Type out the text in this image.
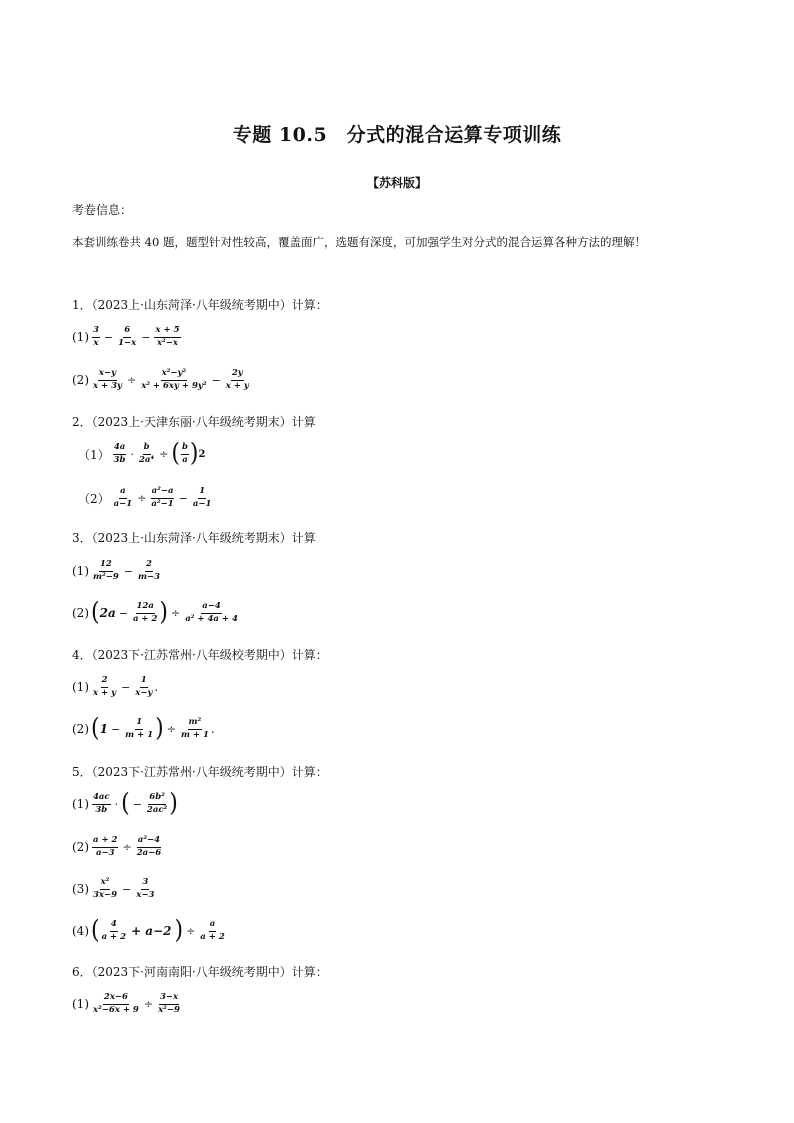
专题 10.5　分式的混合运算专项训练
【苏科版】
考卷信息：
本套训练卷共 40 题，题型针对性较高，覆盖面广，选题有深度，可加强学生对分式的混合运算各种方法的理解！
1．（2023上·山东菏泽·八年级统考期中）计算：
$(1) \frac{3}{x} - \frac{6}{1-x} - \frac{x + 5}{\text{x²−x}}$
$(2) \frac{x-y}{x + 3y} \div \frac{\text{x²−y²}}{\text{x² + 6xy + 9y²}} - \frac{2y}{x + y}$
2．（2023上·天津东丽·八年级统考期末）计算
$(1) \frac{4a}{3b} \cdot \frac{b}{\text{2a⁴}}$ ÷ ( $\frac{b}{a}$ ) 2
$(2) \frac{a}{a-1} \div \frac{\text{a²−a}}{\text{a²−1}} - \frac{1}{a-1}$
3．（2023上·山东菏泽·八年级统考期末）计算
$(1) \frac{12}{\text{m²−9}} - \frac{2}{m-3}$
(2) ( $2a - \frac{12a}{a + 2}$ ) ÷ $\frac{a-4}{\text{a² + 4a + 4}}$
4．（2023下·江苏常州·八年级校考期中）计算：
$(1) \frac{2}{x + y} - \frac{1}{x-y}$ .
(2) ( $1 - \frac{1}{m + 1}$ ) ÷ $\frac{\text{m²}}{m + 1}$ .
5．（2023下·江苏常州·八年级统考期中）计算：
$(1) \frac{4ac}{3b}$ · ( − $\frac{\text{6b²}}{\text{2ac²}}$ )
$(2) \frac{a + 2}{a-3} \div \frac{\text{a²−4}}{2a-6}$
$(3) \frac{\text{x²}}{3x-9} - \frac{3}{x-3}$
(4) ( $\frac{4}{a + 2} + a-2$ ) ÷ $\frac{a}{a + 2}$
6．（2023下·河南南阳·八年级统考期中）计算：
$(1) \frac{2x-6}{\text{x²−6x + 9}} \div \frac{3-x}{\text{x²−9}}$
